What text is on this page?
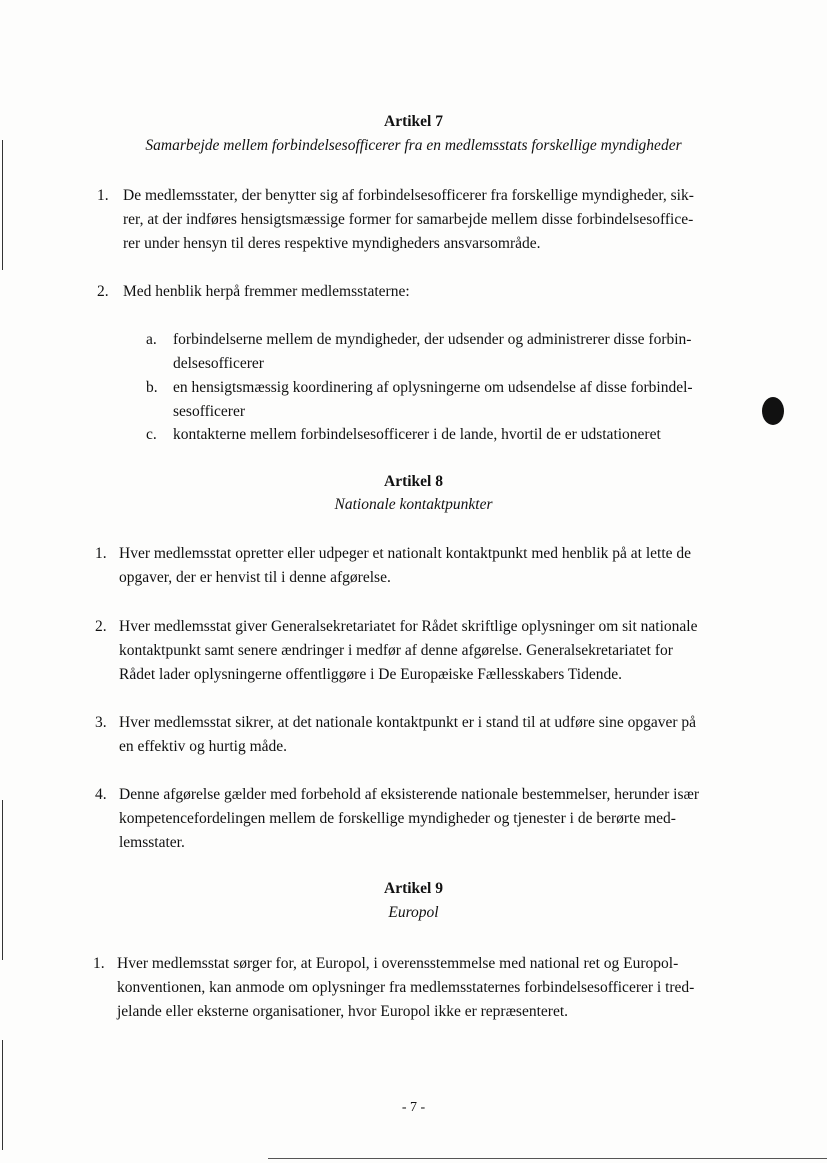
Artikel 7
Samarbejde mellem forbindelsesofficerer fra en medlemsstats forskellige myndigheder
1. De medlemsstater, der benytter sig af forbindelsesofficerer fra forskellige myndigheder, sik-
rer, at der indføres hensigtsmæssige former for samarbejde mellem disse forbindelsesoffice-
rer under hensyn til deres respektive myndigheders ansvarsområde.
2. Med henblik herpå fremmer medlemsstaterne:
a. forbindelserne mellem de myndigheder, der udsender og administrerer disse forbin-
delsesofficerer
b. en hensigtsmæssig koordinering af oplysningerne om udsendelse af disse forbindel-
sesofficerer
c. kontakterne mellem forbindelsesofficerer i de lande, hvortil de er udstationeret
Artikel 8
Nationale kontaktpunkter
1. Hver medlemsstat opretter eller udpeger et nationalt kontaktpunkt med henblik på at lette de
opgaver, der er henvist til i denne afgørelse.
2. Hver medlemsstat giver Generalsekretariatet for Rådet skriftlige oplysninger om sit nationale
kontaktpunkt samt senere ændringer i medfør af denne afgørelse. Generalsekretariatet for
Rådet lader oplysningerne offentliggøre i De Europæiske Fællesskabers Tidende.
3. Hver medlemsstat sikrer, at det nationale kontaktpunkt er i stand til at udføre sine opgaver på
en effektiv og hurtig måde.
4. Denne afgørelse gælder med forbehold af eksisterende nationale bestemmelser, herunder især
kompetencefordelingen mellem de forskellige myndigheder og tjenester i de berørte med-
lemsstater.
Artikel 9
Europol
1. Hver medlemsstat sørger for, at Europol, i overensstemmelse med national ret og Europol-
konventionen, kan anmode om oplysninger fra medlemsstaternes forbindelsesofficerer i tred-
jelande eller eksterne organisationer, hvor Europol ikke er repræsenteret.
- 7 -
